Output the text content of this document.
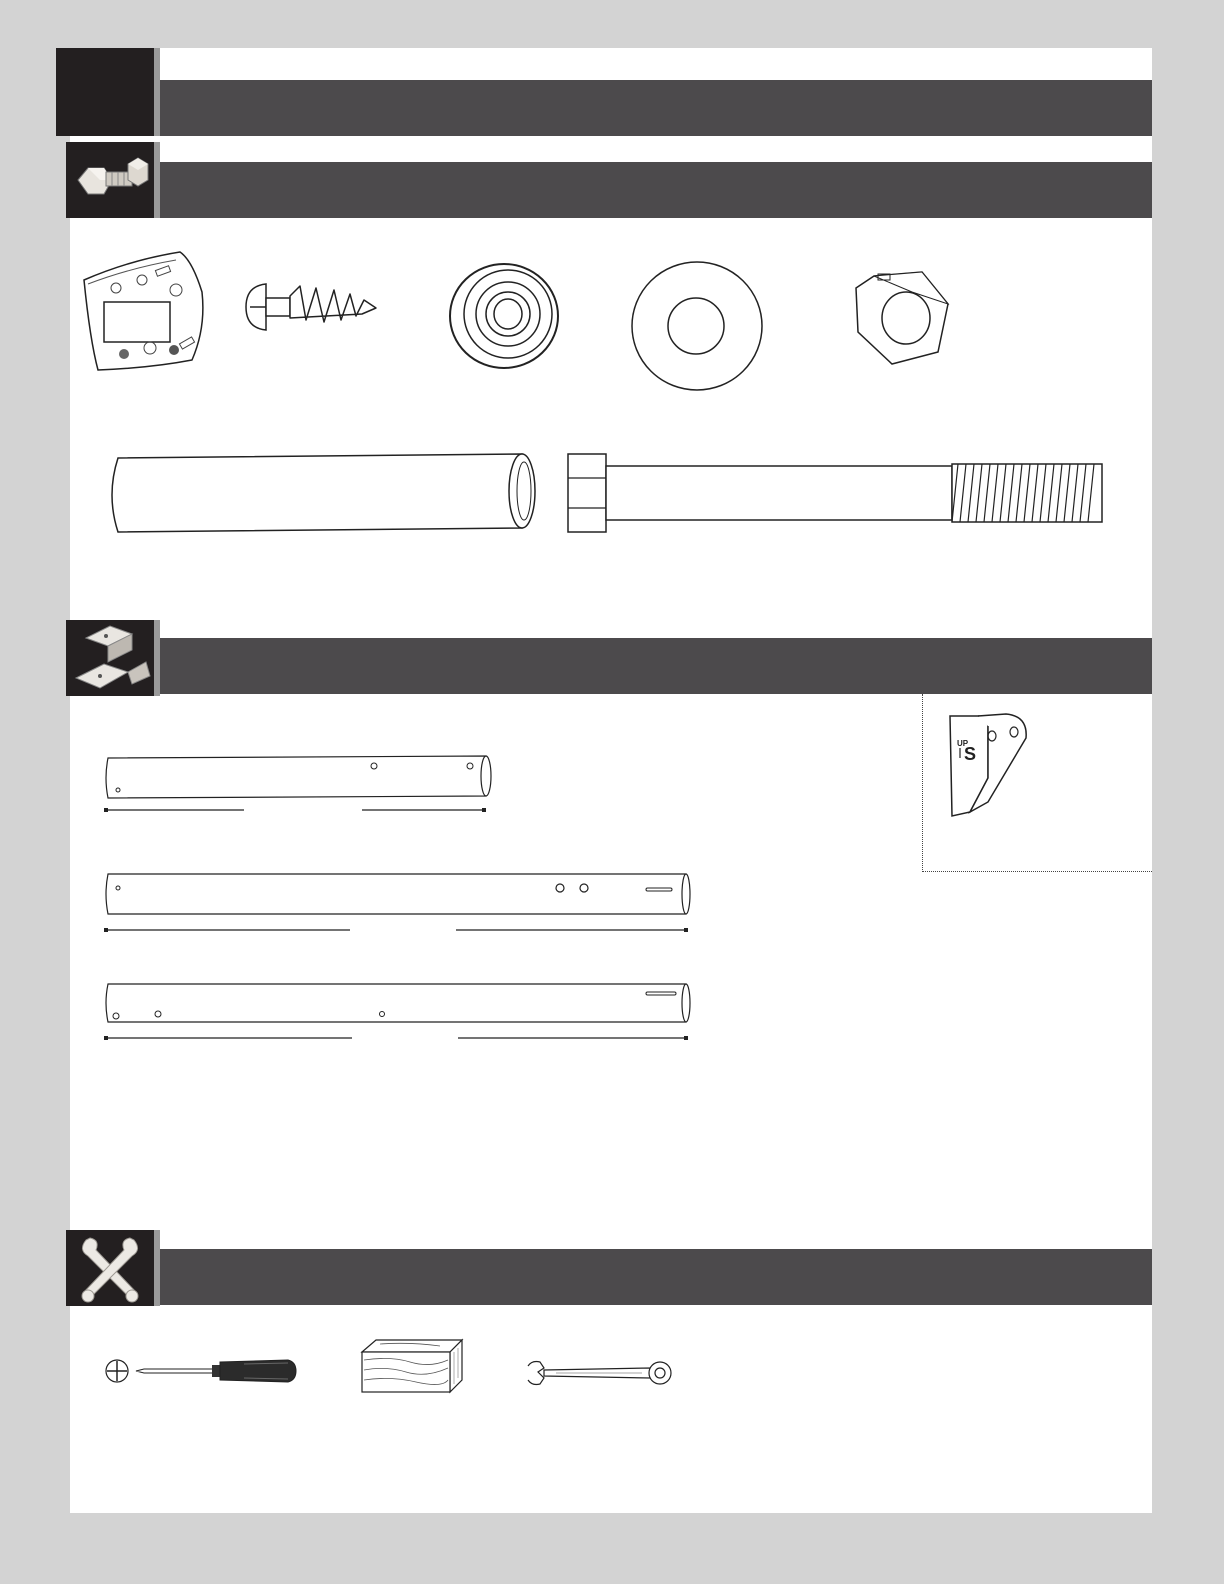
UP
S
